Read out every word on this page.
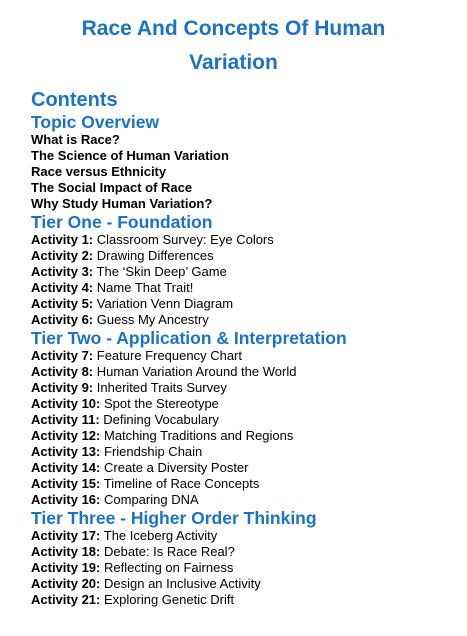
Race And Concepts Of Human
Variation
Contents
Topic Overview
What is Race?
The Science of Human Variation
Race versus Ethnicity
The Social Impact of Race
Why Study Human Variation?
Tier One - Foundation
Activity 1: Classroom Survey: Eye Colors
Activity 2: Drawing Differences
Activity 3: The ‘Skin Deep’ Game
Activity 4: Name That Trait!
Activity 5: Variation Venn Diagram
Activity 6: Guess My Ancestry
Tier Two - Application & Interpretation
Activity 7: Feature Frequency Chart
Activity 8: Human Variation Around the World
Activity 9: Inherited Traits Survey
Activity 10: Spot the Stereotype
Activity 11: Defining Vocabulary
Activity 12: Matching Traditions and Regions
Activity 13: Friendship Chain
Activity 14: Create a Diversity Poster
Activity 15: Timeline of Race Concepts
Activity 16: Comparing DNA
Tier Three - Higher Order Thinking
Activity 17: The Iceberg Activity
Activity 18: Debate: Is Race Real?
Activity 19: Reflecting on Fairness
Activity 20: Design an Inclusive Activity
Activity 21: Exploring Genetic Drift
